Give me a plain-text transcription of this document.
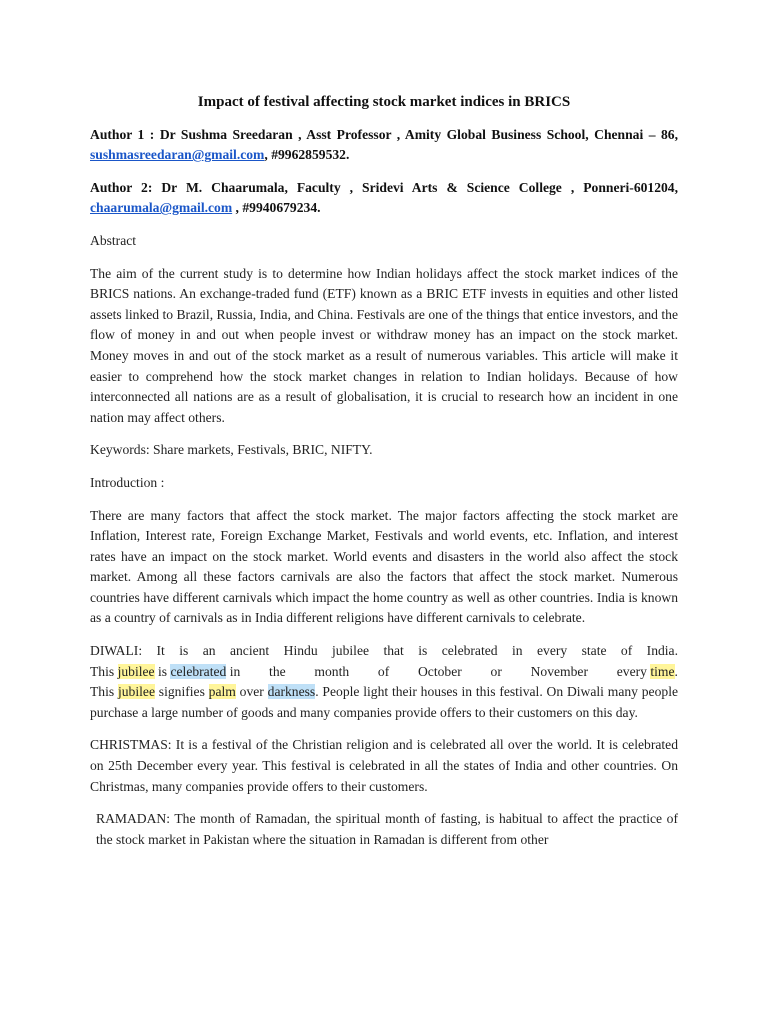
Impact of festival affecting stock market indices in BRICS

Author 1 : Dr Sushma Sreedaran , Asst Professor , Amity Global Business School, Chennai – 86, sushmasreedaran@gmail.com, #9962859532.

Author 2: Dr M. Chaarumala, Faculty , Sridevi Arts & Science College , Ponneri-601204, chaarumala@gmail.com , #9940679234.

Abstract

The aim of the current study is to determine how Indian holidays affect the stock market indices of the BRICS nations. An exchange-traded fund (ETF) known as a BRIC ETF invests in equities and other listed assets linked to Brazil, Russia, India, and China. Festivals are one of the things that entice investors, and the flow of money in and out when people invest or withdraw money has an impact on the stock market. Money moves in and out of the stock market as a result of numerous variables. This article will make it easier to comprehend how the stock market changes in relation to Indian holidays. Because of how interconnected all nations are as a result of globalisation, it is crucial to research how an incident in one nation may affect others.

Keywords: Share markets, Festivals, BRIC, NIFTY.

Introduction :

There are many factors that affect the stock market. The major factors affecting the stock market are Inflation, Interest rate, Foreign Exchange Market, Festivals and world events, etc. Inflation, and interest rates have an impact on the stock market. World events and disasters in the world also affect the stock market. Among all these factors carnivals are also the factors that affect the stock market. Numerous countries have different carnivals which impact the home country as well as other countries. India is known as a country of carnivals as in India different religions have different carnivals to celebrate.

DIWALI: It is an ancient Hindu jubilee that is celebrated in every state of India.
This jubilee is celebrated in the month of October or November every time.
This jubilee signifies palm over darkness. People light their houses in this festival. On Diwali many people purchase a large number of goods and many companies provide offers to their customers on this day.

CHRISTMAS: It is a festival of the Christian religion and is celebrated all over the world. It is celebrated on 25th December every year. This festival is celebrated in all the states of India and other countries. On Christmas, many companies provide offers to their customers.

RAMADAN: The month of Ramadan, the spiritual month of fasting, is habitual to affect the practice of the stock market in Pakistan where the situation in Ramadan is different from other
